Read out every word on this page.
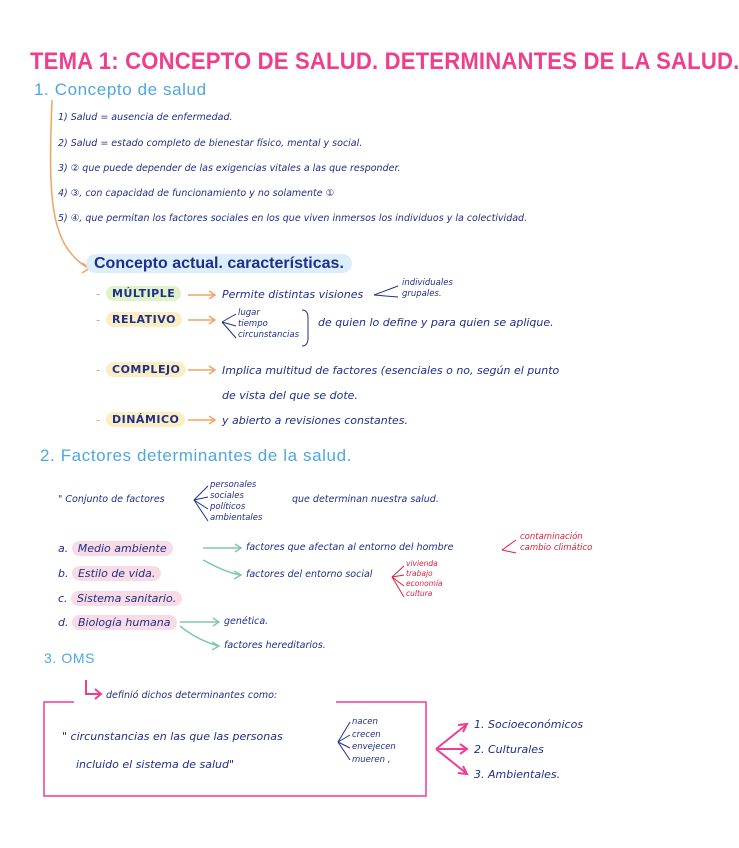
TEMA 1: CONCEPTO DE SALUD. DETERMINANTES DE LA SALUD.
1. Concepto de salud
1) Salud = ausencia de enfermedad.
2) Salud = estado completo de bienestar físico, mental y social.
3) ② que puede depender de las exigencias vitales a las que responder.
4) ③, con capacidad de funcionamiento y no solamente ①
5) ④, que permitan los factores sociales en los que viven inmersos los individuos y la colectividad.
Concepto actual. características.
-	MÚLTIPLE	Permite distintas visiones
individuales
grupales.
-	RELATIVO	lugar
tiempo
circunstancias
de quien lo define y para quien se aplique.
-	COMPLEJO	Implica multitud de factores (esenciales o no, según el punto
de vista del que se dote.
-	DINÁMICO	y abierto a revisiones constantes.
2. Factores determinantes de la salud.
" Conjunto de factores
personales
sociales
políticos
ambientales
que determinan nuestra salud.
a. Medio ambiente
b. Estilo de vida.
c. Sistema sanitario.
d. Biología humana
factores que afectan al entorno del hombre
contaminación
cambio climático
factores del entorno social
vivienda
trabajo
economía
cultura
genética.
factores hereditarios.
3. OMS
definió dichos determinantes como:
" circunstancias en las que las personas
incluido el sistema de salud"
nacen
crecen
envejecen
mueren ,
1. Socioeconómicos
2. Culturales
3. Ambientales.
